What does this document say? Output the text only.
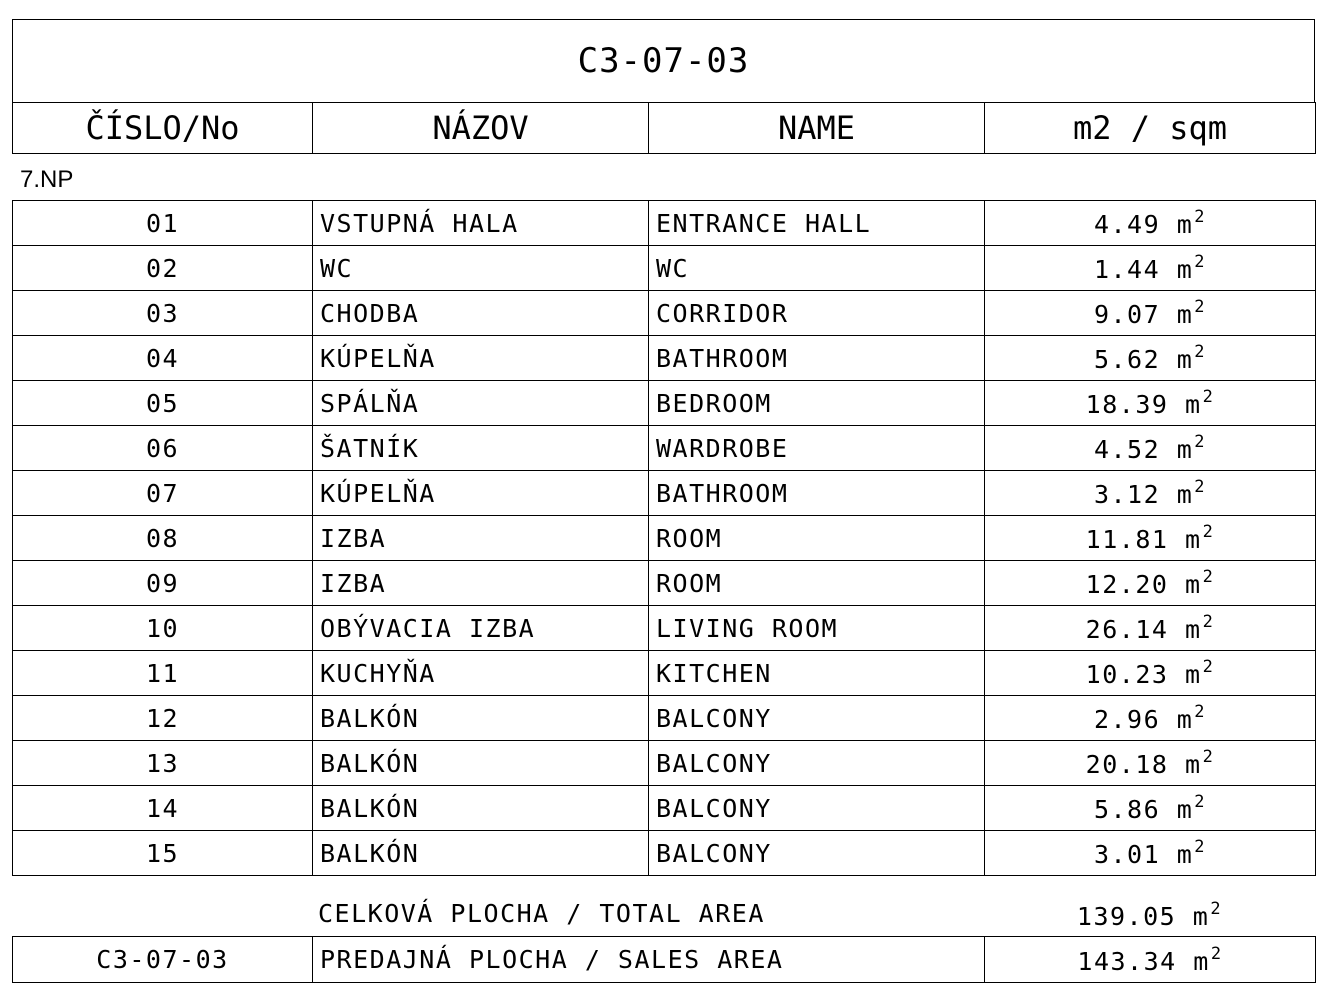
C3-07-03
ČÍSLO/No	NÁZOV	NAME	m2 / sqm
7.NP
01	VSTUPNÁ HALA	ENTRANCE HALL	4.49 $m^2$
02	WC	WC	1.44 $m^2$
03	CHODBA	CORRIDOR	9.07 $m^2$
04	KÚPELŇA	BATHROOM	5.62 $m^2$
05	SPÁLŇA	BEDROOM	18.39 $m^2$
06	ŠATNÍK	WARDROBE	4.52 $m^2$
07	KÚPELŇA	BATHROOM	3.12 $m^2$
08	IZBA	ROOM	11.81 $m^2$
09	IZBA	ROOM	12.20 $m^2$
10	OBÝVACIA IZBA	LIVING ROOM	26.14 $m^2$
11	KUCHYŇA	KITCHEN	10.23 $m^2$
12	BALKÓN	BALCONY	2.96 $m^2$
13	BALKÓN	BALCONY	20.18 $m^2$
14	BALKÓN	BALCONY	5.86 $m^2$
15	BALKÓN	BALCONY	3.01 $m^2$
CELKOVÁ PLOCHA / TOTAL AREA	139.05 $m^2$
C3-07-03	PREDAJNÁ PLOCHA / SALES AREA	143.34 $m^2$
